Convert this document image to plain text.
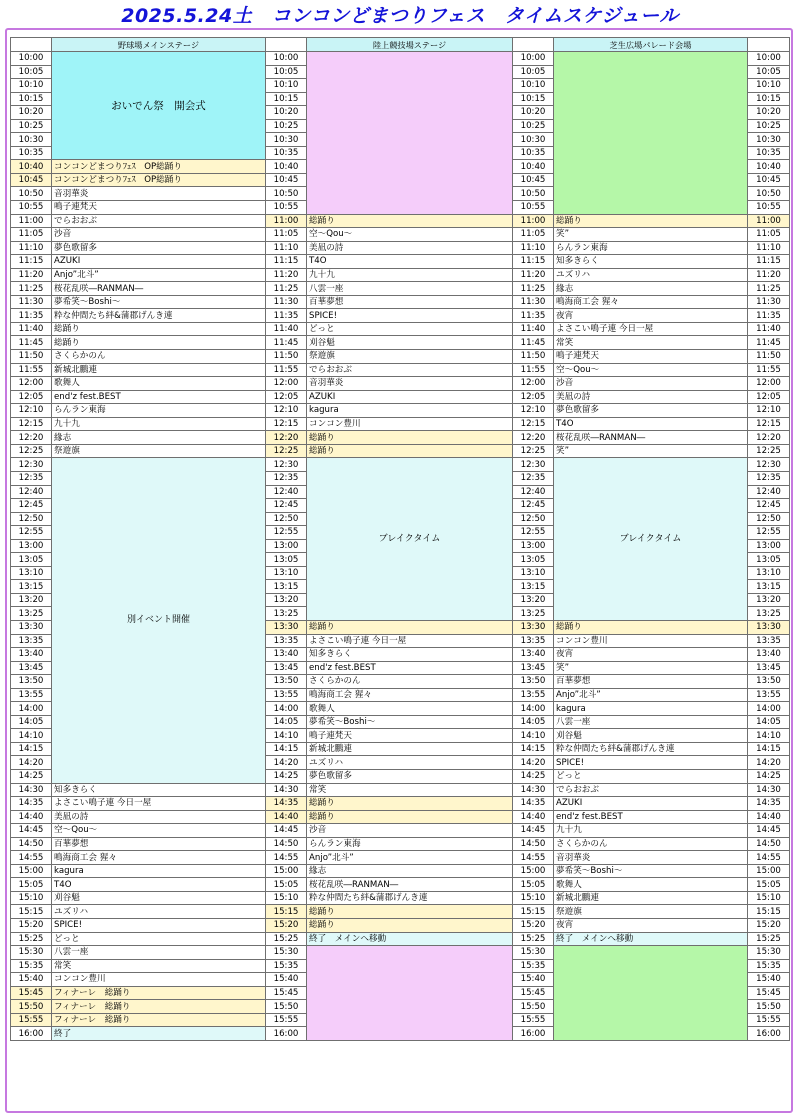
2025.5.24土　コンコンどまつりフェス　タイムスケジュール
	野球場メインステージ		陸上競技場ステージ		芝生広場パレード会場	
10:00	おいでん祭　開会式	10:00		10:00		10:00
10:05		10:05		10:05		10:05
10:10		10:10		10:10		10:10
10:15		10:15		10:15		10:15
10:20		10:20		10:20		10:20
10:25		10:25		10:25		10:25
10:30		10:30		10:30		10:30
10:35		10:35		10:35		10:35
10:40	コンコンどまつりﾌｪｽ　OP総踊り	10:40		10:40		10:40
10:45	コンコンどまつりﾌｪｽ　OP総踊り	10:45		10:45		10:45
10:50	音羽華炎	10:50		10:50		10:50
10:55	鳴子連梵天	10:55		10:55		10:55
11:00	でらおおぶ	11:00	総踊り	11:00	総踊り	11:00
11:05	沙音	11:05	空～Qou～	11:05	笑”	11:05
11:10	夢色歌留多	11:10	美凪の詩	11:10	らんラン東海	11:10
11:15	AZUKI	11:15	T4O	11:15	知多きらく	11:15
11:20	Anjo”北斗”	11:20	九十九	11:20	ユズリハ	11:20
11:25	桜花乱咲―RANMAN―	11:25	八雲一座	11:25	緣志	11:25
11:30	夢希笑～Boshi～	11:30	百華夢想	11:30	鳴海商工会 猩々	11:30
11:35	粋な仲間たち絆&蒲郡げんき連	11:35	SPICE!	11:35	夜宵	11:35
11:40	総踊り	11:40	どっと	11:40	よさこい鳴子連 今日一屋	11:40
11:45	総踊り	11:45	刈谷魁	11:45	常笑	11:45
11:50	さくらかのん	11:50	祭遊旗	11:50	鳴子連梵天	11:50
11:55	新城北鵬連	11:55	でらおおぶ	11:55	空～Qou～	11:55
12:00	歌舞人	12:00	音羽華炎	12:00	沙音	12:00
12:05	end'z fest.BEST	12:05	AZUKI	12:05	美凪の詩	12:05
12:10	らんラン東海	12:10	kagura	12:10	夢色歌留多	12:10
12:15	九十九	12:15	コンコン豊川	12:15	T4O	12:15
12:20	緣志	12:20	総踊り	12:20	桜花乱咲―RANMAN―	12:20
12:25	祭遊旗	12:25	総踊り	12:25	笑”	12:25
12:30	別イベント開催	12:30	ブレイクタイム	12:30	ブレイクタイム	12:30
12:35		12:35		12:35		12:35
12:40		12:40		12:40		12:40
12:45		12:45		12:45		12:45
12:50		12:50		12:50		12:50
12:55		12:55		12:55		12:55
13:00		13:00		13:00		13:00
13:05		13:05		13:05		13:05
13:10		13:10		13:10		13:10
13:15		13:15		13:15		13:15
13:20		13:20		13:20		13:20
13:25		13:25		13:25		13:25
13:30		13:30	総踊り	13:30	総踊り	13:30
13:35		13:35	よさこい鳴子連 今日一屋	13:35	コンコン豊川	13:35
13:40		13:40	知多きらく	13:40	夜宵	13:40
13:45		13:45	end'z fest.BEST	13:45	笑”	13:45
13:50		13:50	さくらかのん	13:50	百華夢想	13:50
13:55		13:55	鳴海商工会 猩々	13:55	Anjo”北斗”	13:55
14:00		14:00	歌舞人	14:00	kagura	14:00
14:05		14:05	夢希笑～Boshi～	14:05	八雲一座	14:05
14:10		14:10	鳴子連梵天	14:10	刈谷魁	14:10
14:15		14:15	新城北鵬連	14:15	粋な仲間たち絆&蒲郡げんき連	14:15
14:20		14:20	ユズリハ	14:20	SPICE!	14:20
14:25		14:25	夢色歌留多	14:25	どっと	14:25
14:30	知多きらく	14:30	常笑	14:30	でらおおぶ	14:30
14:35	よさこい鳴子連 今日一屋	14:35	総踊り	14:35	AZUKI	14:35
14:40	美凪の詩	14:40	総踊り	14:40	end'z fest.BEST	14:40
14:45	空～Qou～	14:45	沙音	14:45	九十九	14:45
14:50	百華夢想	14:50	らんラン東海	14:50	さくらかのん	14:50
14:55	鳴海商工会 猩々	14:55	Anjo”北斗”	14:55	音羽華炎	14:55
15:00	kagura	15:00	緣志	15:00	夢希笑～Boshi～	15:00
15:05	T4O	15:05	桜花乱咲―RANMAN―	15:05	歌舞人	15:05
15:10	刈谷魁	15:10	粋な仲間たち絆&蒲郡げんき連	15:10	新城北鵬連	15:10
15:15	ユズリハ	15:15	総踊り	15:15	祭遊旗	15:15
15:20	SPICE!	15:20	総踊り	15:20	夜宵	15:20
15:25	どっと	15:25	終了　メインへ移動	15:25	終了　メインへ移動	15:25
15:30	八雲一座	15:30		15:30		15:30
15:35	常笑	15:35		15:35		15:35
15:40	コンコン豊川	15:40		15:40		15:40
15:45	フィナーレ　総踊り	15:45		15:45		15:45
15:50	フィナーレ　総踊り	15:50		15:50		15:50
15:55	フィナーレ　総踊り	15:55		15:55		15:55
16:00	終了	16:00		16:00		16:00
